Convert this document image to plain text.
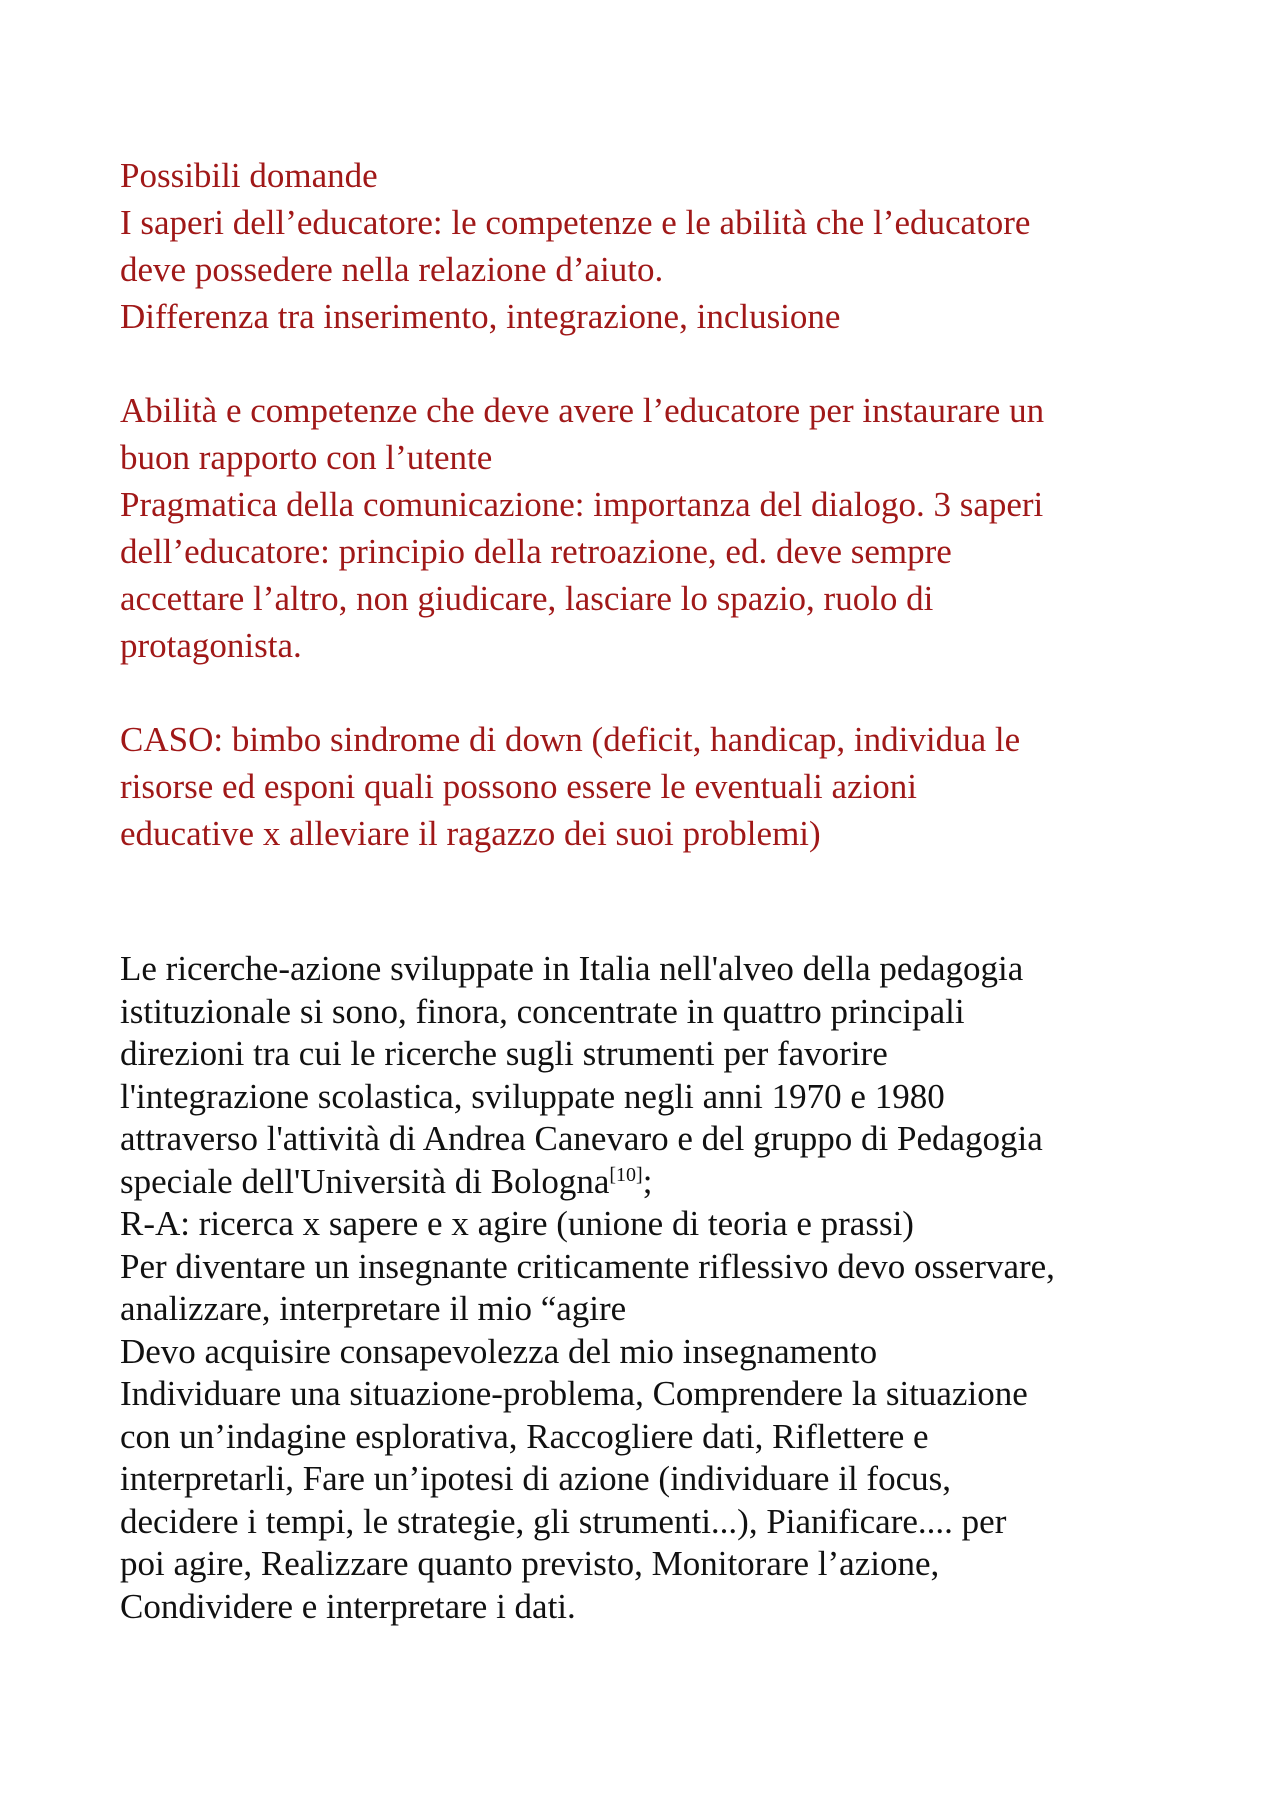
Possibili domande
I saperi dell’educatore: le competenze e le abilità che l’educatore
deve possedere nella relazione d’aiuto.
Differenza tra inserimento, integrazione, inclusione
Abilità e competenze che deve avere l’educatore per instaurare un
buon rapporto con l’utente
Pragmatica della comunicazione: importanza del dialogo. 3 saperi
dell’educatore: principio della retroazione, ed. deve sempre
accettare l’altro, non giudicare, lasciare lo spazio, ruolo di
protagonista.
CASO: bimbo sindrome di down (deficit, handicap, individua le
risorse ed esponi quali possono essere le eventuali azioni
educative x alleviare il ragazzo dei suoi problemi)
Le ricerche-azione sviluppate in Italia nell'alveo della pedagogia
istituzionale si sono, finora, concentrate in quattro principali
direzioni tra cui le ricerche sugli strumenti per favorire
l'integrazione scolastica, sviluppate negli anni 1970 e 1980
attraverso l'attività di Andrea Canevaro e del gruppo di Pedagogia
speciale dell'Università di Bologna[10];
R-A: ricerca x sapere e x agire (unione di teoria e prassi)
Per diventare un insegnante criticamente riflessivo devo osservare,
analizzare, interpretare il mio “agire
Devo acquisire consapevolezza del mio insegnamento
Individuare una situazione-problema, Comprendere la situazione
con un’indagine esplorativa, Raccogliere dati, Riflettere e
interpretarli, Fare un’ipotesi di azione (individuare il focus,
decidere i tempi, le strategie, gli strumenti...), Pianificare.... per
poi agire, Realizzare quanto previsto, Monitorare l’azione,
Condividere e interpretare i dati.
